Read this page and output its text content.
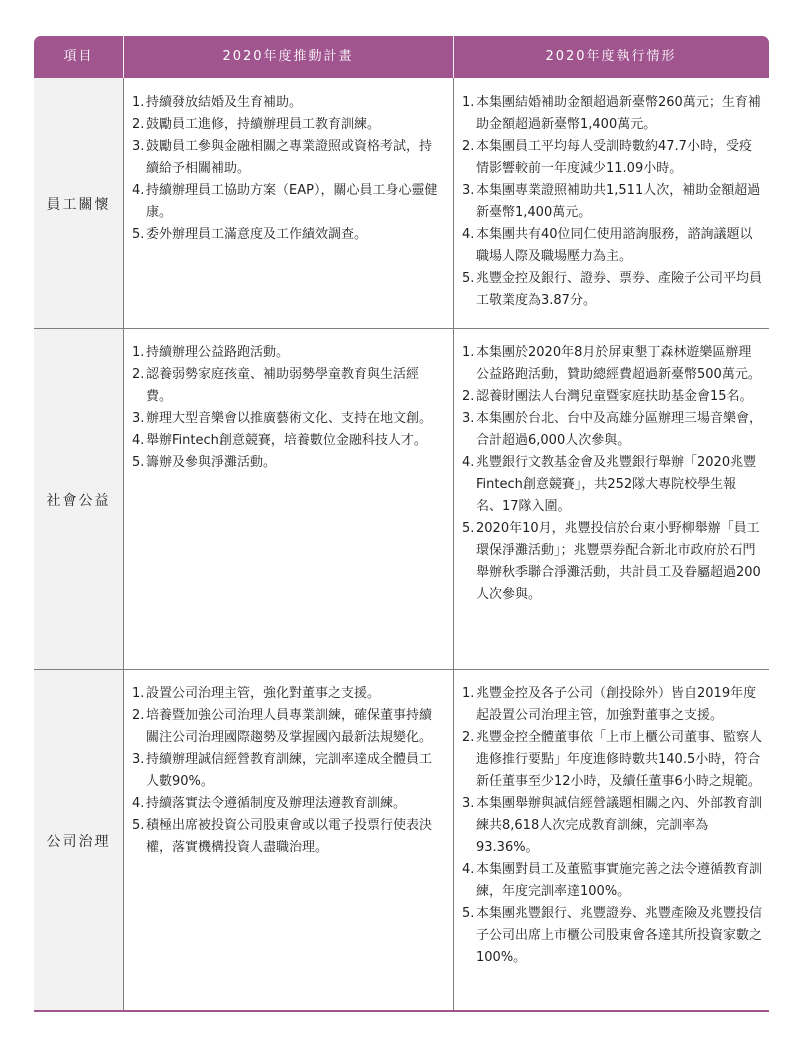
項目	2020年度推動計畫	2020年度執行情形
員工關懷
1. 持續發放結婚及生育補助。
2. 鼓勵員工進修，持續辦理員工教育訓練。
3. 鼓勵員工參與金融相關之專業證照或資格考試，持續給予相關補助。
4. 持續辦理員工協助方案（EAP），關心員工身心靈健康。
5. 委外辦理員工滿意度及工作績效調查。
1. 本集團結婚補助金額超過新臺幣260萬元；生育補助金額超過新臺幣1,400萬元。
2. 本集團員工平均每人受訓時數約47.7小時，受疫情影響較前一年度減少11.09小時。
3. 本集團專業證照補助共1,511人次，補助金額超過新臺幣1,400萬元。
4. 本集團共有40位同仁使用諮詢服務，諮詢議題以職場人際及職場壓力為主。
5. 兆豐金控及銀行、證券、票券、產險子公司平均員工敬業度為3.87分。
社會公益
1. 持續辦理公益路跑活動。
2. 認養弱勢家庭孩童、補助弱勢學童教育與生活經費。
3. 辦理大型音樂會以推廣藝術文化、支持在地文創。
4. 舉辦Fintech創意競賽，培養數位金融科技人才。
5. 籌辦及參與淨灘活動。
1. 本集團於2020年8月於屏東墾丁森林遊樂區辦理公益路跑活動，贊助總經費超過新臺幣500萬元。
2. 認養財團法人台灣兒童暨家庭扶助基金會15名。
3. 本集團於台北、台中及高雄分區辦理三場音樂會，合計超過6,000人次參與。
4. 兆豐銀行文教基金會及兆豐銀行舉辦「2020兆豐Fintech創意競賽」，共252隊大專院校學生報名、17隊入圍。
5. 2020年10月，兆豐投信於台東小野柳舉辦「員工環保淨灘活動」；兆豐票券配合新北市政府於石門舉辦秋季聯合淨灘活動，共計員工及眷屬超過200人次參與。
公司治理
1. 設置公司治理主管，強化對董事之支援。
2. 培養暨加強公司治理人員專業訓練，確保董事持續關注公司治理國際趨勢及掌握國內最新法規變化。
3. 持續辦理誠信經營教育訓練，完訓率達成全體員工人數90%。
4. 持續落實法令遵循制度及辦理法遵教育訓練。
5. 積極出席被投資公司股東會或以電子投票行使表決權，落實機構投資人盡職治理。
1. 兆豐金控及各子公司（創投除外）皆自2019年度起設置公司治理主管，加強對董事之支援。
2. 兆豐金控全體董事依「上市上櫃公司董事、監察人進修推行要點」年度進修時數共140.5小時，符合新任董事至少12小時，及續任董事6小時之規範。
3. 本集團舉辦與誠信經營議題相關之內、外部教育訓練共8,618人次完成教育訓練，完訓率為93.36%。
4. 本集團對員工及董監事實施完善之法令遵循教育訓練，年度完訓率達100%。
5. 本集團兆豐銀行、兆豐證券、兆豐產險及兆豐投信子公司出席上市櫃公司股東會各達其所投資家數之100%。
